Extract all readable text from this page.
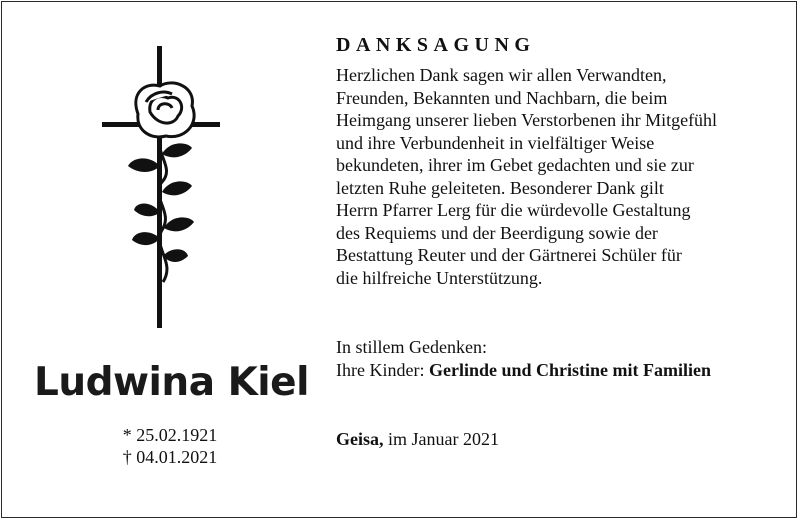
Ludwina Kiel
* 25.02.1921
† 04.01.2021
DANKSAGUNG
Herzlichen Dank sagen wir allen Verwandten,
Freunden, Bekannten und Nachbarn, die beim
Heimgang unserer lieben Verstorbenen ihr Mitgefühl
und ihre Verbundenheit in vielfältiger Weise
bekundeten, ihrer im Gebet gedachten und sie zur
letzten Ruhe geleiteten. Besonderer Dank gilt
Herrn Pfarrer Lerg für die würdevolle Gestaltung
des Requiems und der Beerdigung sowie der
Bestattung Reuter und der Gärtnerei Schüler für
die hilfreiche Unterstützung.
In stillem Gedenken:
Ihre Kinder: Gerlinde und Christine mit Familien
Geisa, im Januar 2021
